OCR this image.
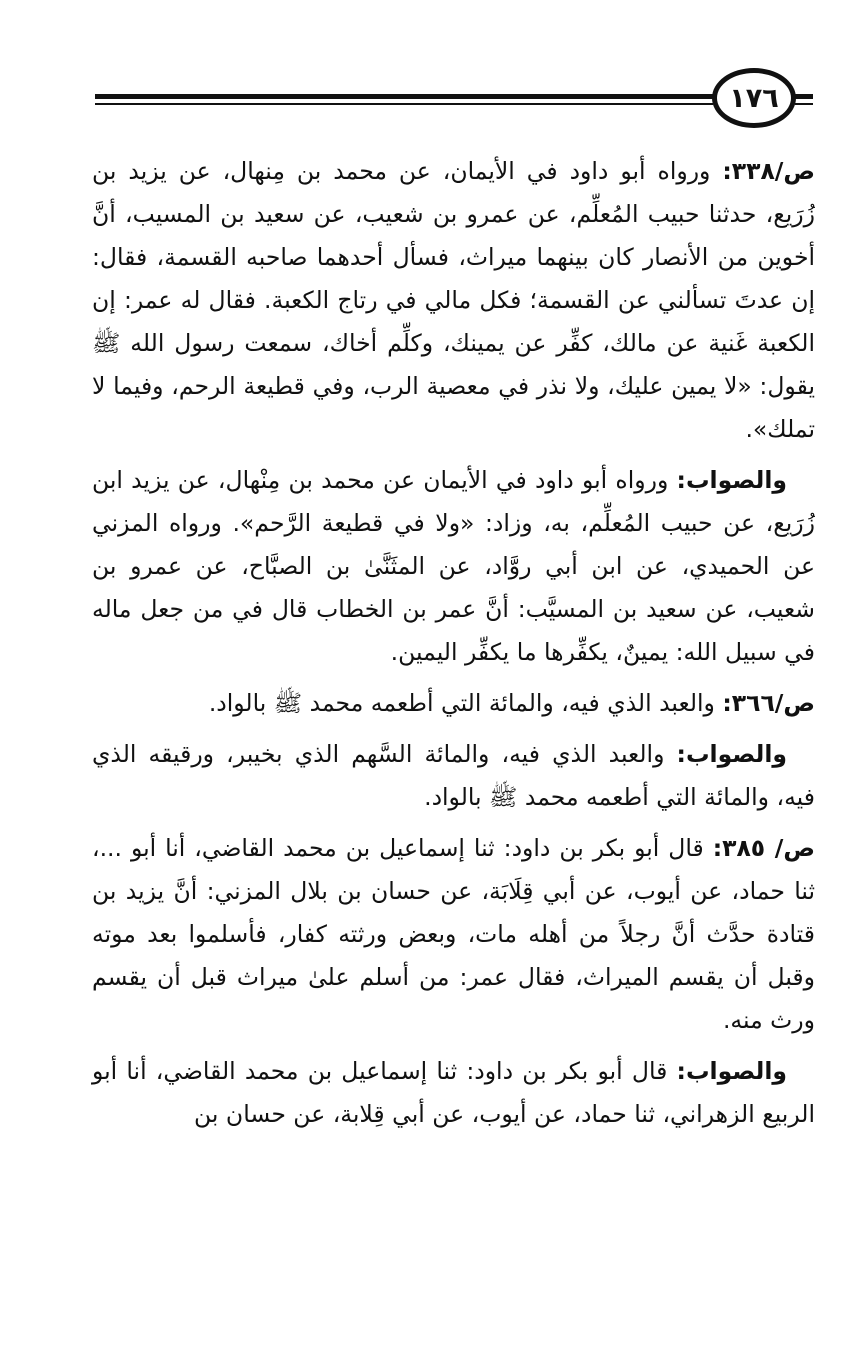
١٧٦

ص/٣٣٨: ورواه أبو داود في الأيمان، عن محمد بن مِنهال، عن يزيد بن زُرَيع، حدثنا حبيب المُعلِّم، عن عمرو بن شعيب، عن سعيد بن المسيب، أنَّ أخوين من الأنصار كان بينهما ميراث، فسأل أحدهما صاحبه القسمة، فقال: إن عدتَ تسألني عن القسمة؛ فكل مالي في رتاج الكعبة. فقال له عمر: إن الكعبة غَنية عن مالك، كفِّر عن يمينك، وكلِّم أخاك، سمعت رسول الله ﷺ يقول: «لا يمين عليك، ولا نذر في معصية الرب، وفي قطيعة الرحم، وفيما لا تملك».

والصواب: ورواه أبو داود في الأيمان عن محمد بن مِنْهال، عن يزيد ابن زُرَيع، عن حبيب المُعلِّم، به، وزاد: «ولا في قطيعة الرَّحم». ورواه المزني عن الحميدي، عن ابن أبي روَّاد، عن المثَنَّىٰ بن الصبَّاح، عن عمرو بن شعيب، عن سعيد بن المسيَّب: أنَّ عمر بن الخطاب قال في من جعل ماله في سبيل الله: يمينٌ، يكفِّرها ما يكفِّر اليمين.

ص/٣٦٦: والعبد الذي فيه، والمائة التي أطعمه محمد ﷺ بالواد.

والصواب: والعبد الذي فيه، والمائة السَّهم الذي بخيبر، ورقيقه الذي فيه، والمائة التي أطعمه محمد ﷺ بالواد.

ص/ ٣٨٥: قال أبو بكر بن داود: ثنا إسماعيل بن محمد القاضي، أنا أبو ...، ثنا حماد، عن أيوب، عن أبي قِلَابَة، عن حسان بن بلال المزني: أنَّ يزيد بن قتادة حدَّث أنَّ رجلاً من أهله مات، وبعض ورثته كفار، فأسلموا بعد موته وقبل أن يقسم الميراث، فقال عمر: من أسلم علىٰ ميراث قبل أن يقسم ورث منه.

والصواب: قال أبو بكر بن داود: ثنا إسماعيل بن محمد القاضي، أنا أبو الربيع الزهراني، ثنا حماد، عن أيوب، عن أبي قِلابة، عن حسان بن
